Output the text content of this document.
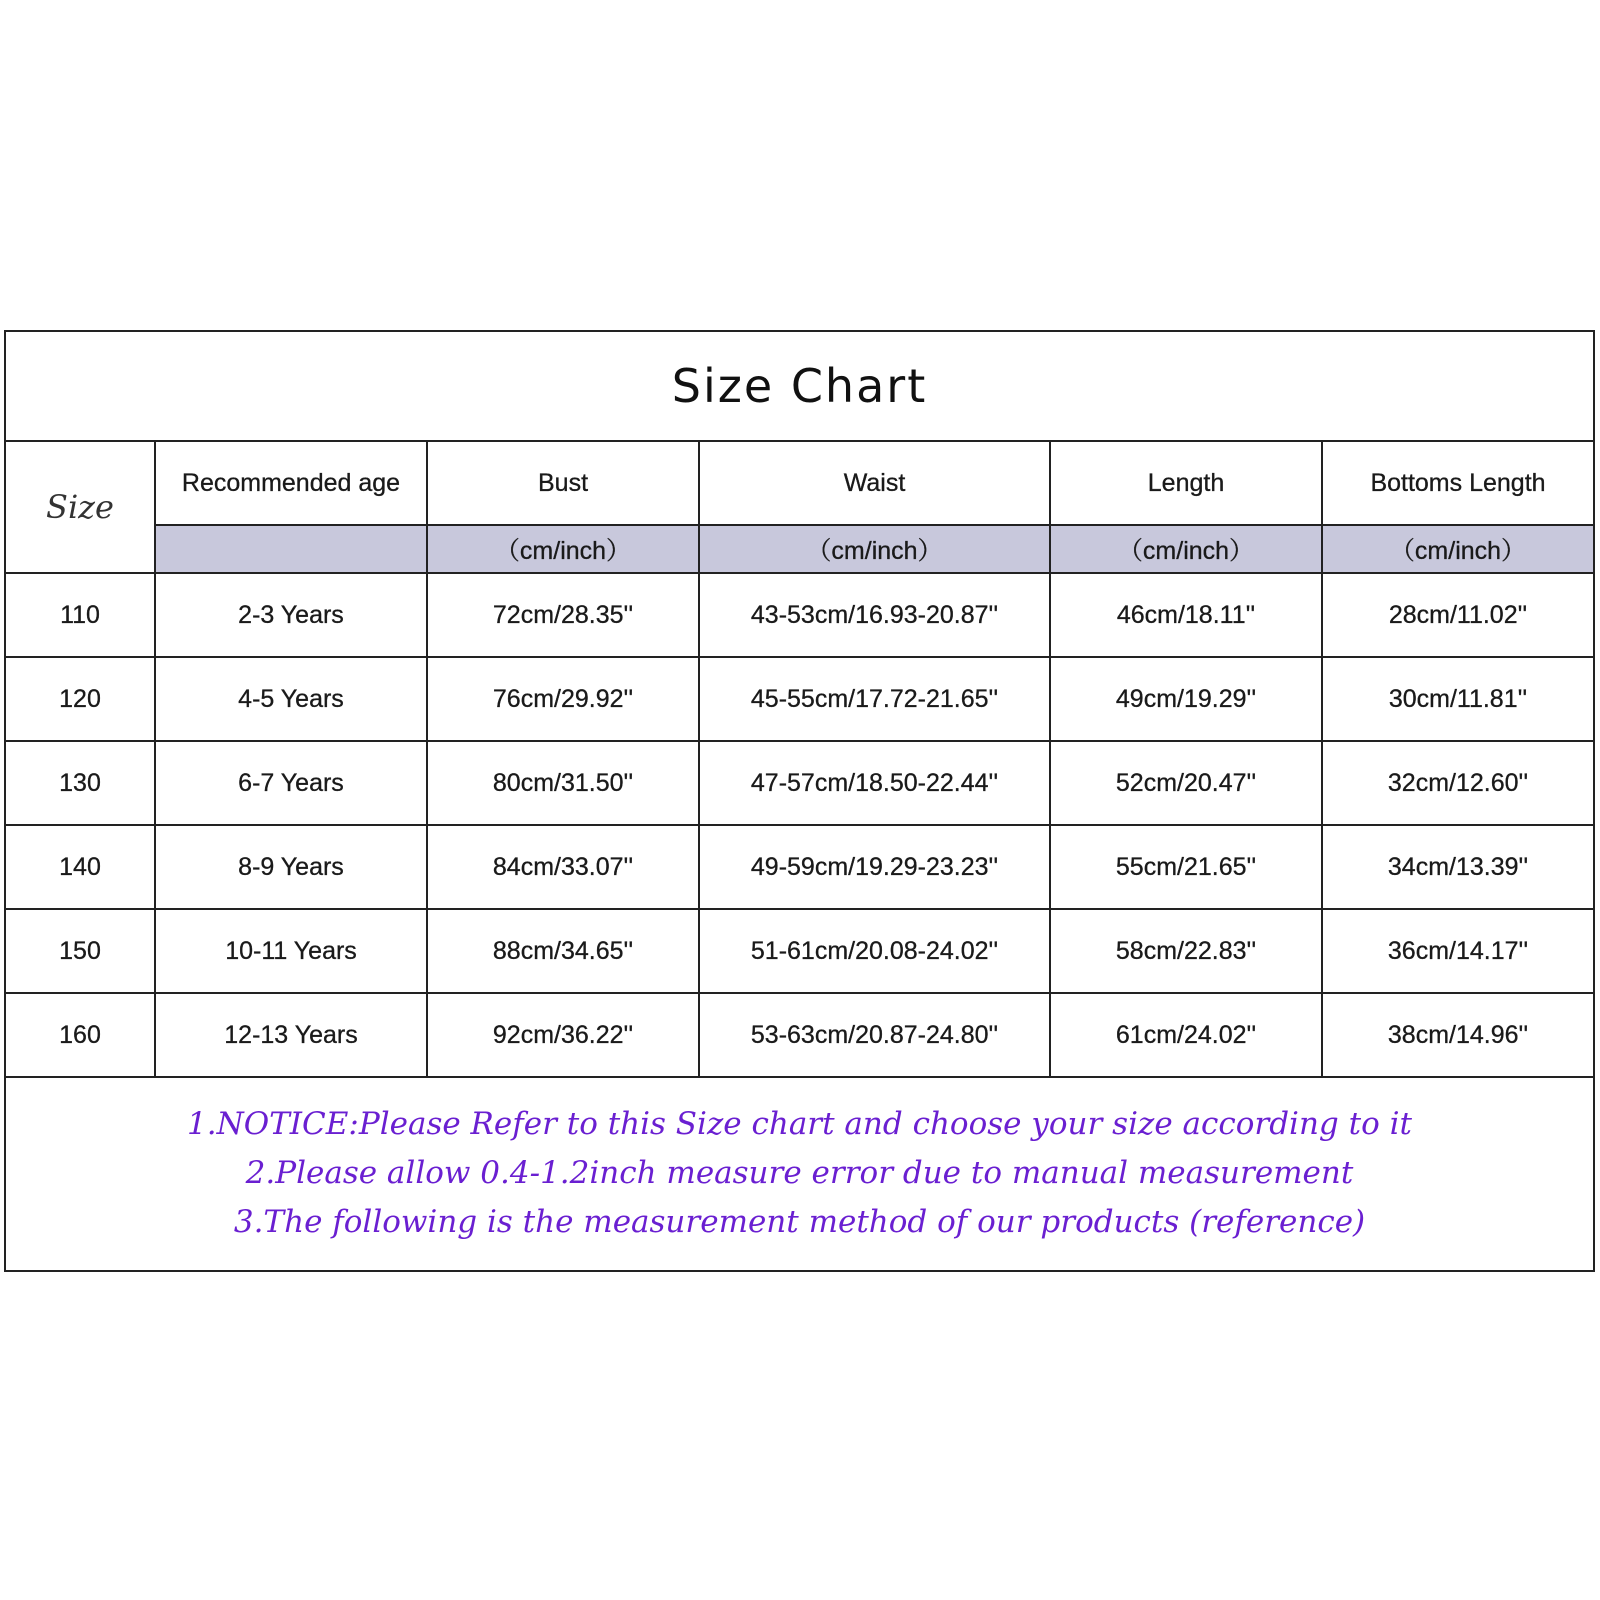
Size Chart
Size	Recommended age	Bust	Waist	Length	Bottoms Length
		（cm/inch）	（cm/inch）	（cm/inch）	（cm/inch）
110	2-3 Years	72cm/28.35''	43-53cm/16.93-20.87''	46cm/18.11''	28cm/11.02''
120	4-5 Years	76cm/29.92''	45-55cm/17.72-21.65''	49cm/19.29''	30cm/11.81''
130	6-7 Years	80cm/31.50''	47-57cm/18.50-22.44''	52cm/20.47''	32cm/12.60''
140	8-9 Years	84cm/33.07''	49-59cm/19.29-23.23''	55cm/21.65''	34cm/13.39''
150	10-11 Years	88cm/34.65''	51-61cm/20.08-24.02''	58cm/22.83''	36cm/14.17''
160	12-13 Years	92cm/36.22''	53-63cm/20.87-24.80''	61cm/24.02''	38cm/14.96''
1.NOTICE:Please Refer to this Size chart and choose your size according to it
2.Please allow 0.4-1.2inch measure error due to manual measurement
3.The following is the measurement method of our products (reference)
